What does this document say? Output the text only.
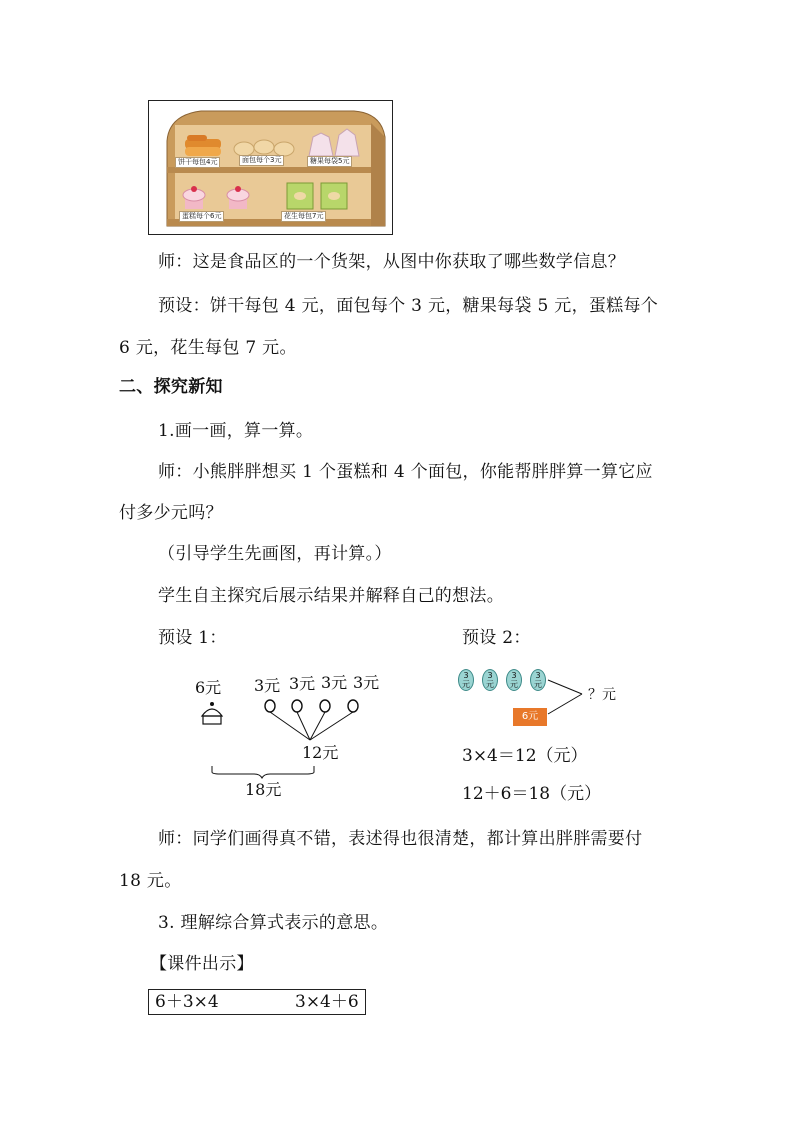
饼干每包4元	面包每个3元	糖果每袋5元
蛋糕每个6元	花生每包7元
师：这是食品区的一个货架，从图中你获取了哪些数学信息？
预设：饼干每包 4 元，面包每个 3 元，糖果每袋 5 元，蛋糕每个
6 元，花生每包 7 元。
二、探究新知
1.画一画，算一算。
师：小熊胖胖想买 1 个蛋糕和 4 个面包，你能帮胖胖算一算它应
付多少元吗？
（引导学生先画图，再计算。）
学生自主探究后展示结果并解释自己的想法。
预设 1：
6元 3元 3元 3元 3元
12元
18元
预设 2：
3
元
3
元
3
元
3
元
？元
6元
3×4＝12（元）
12＋6＝18（元）
师：同学们画得真不错，表述得也很清楚，都计算出胖胖需要付
18 元。
3. 理解综合算式表示的意思。
【课件出示】
6＋3×4	3×4＋6
